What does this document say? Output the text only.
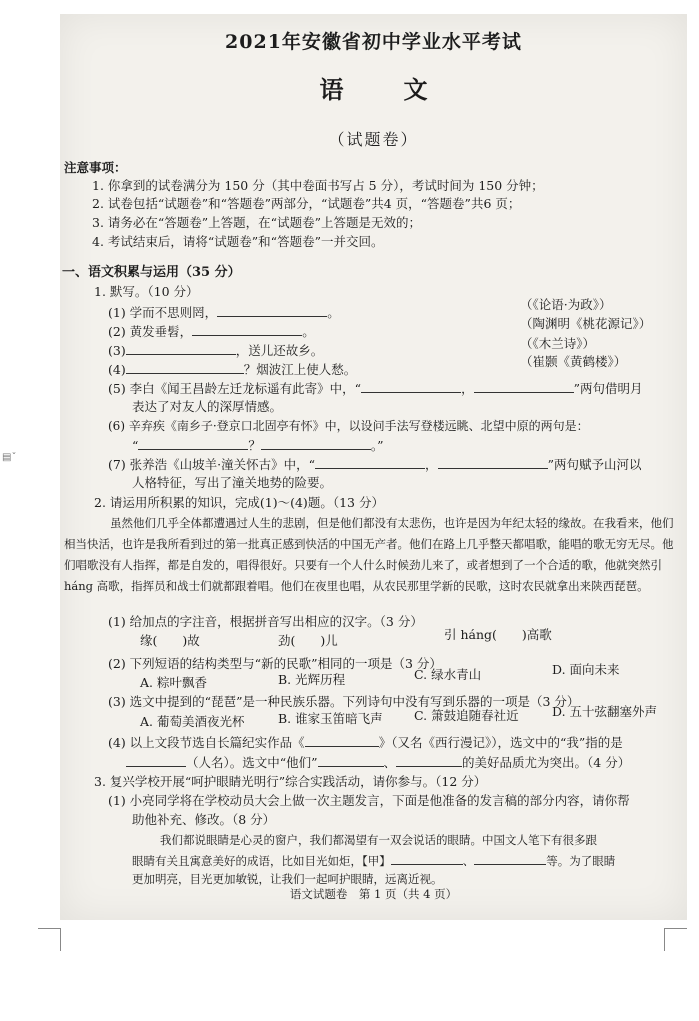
▤ˇ
2021年安徽省初中学业水平考试
语文
（试题卷）
注意事项：
1. 你拿到的试卷满分为 150 分（其中卷面书写占 5 分），考试时间为 150 分钟；
2. 试卷包括“试题卷”和“答题卷”两部分，“试题卷”共4 页，“答题卷”共6 页；
3. 请务必在“答题卷”上答题，在“试题卷”上答题是无效的；
4. 考试结束后，请将“试题卷”和“答题卷”一并交回。
一、语文积累与运用（35 分）
1. 默写。（10 分）
(1) 学而不思则罔，	。
（《论语·为政》）
(2) 黄发垂髫，	。
（陶渊明《桃花源记》）
(3)	，送儿还故乡。	（《木兰诗》）
(4)	？烟波江上使人愁。
（崔颢《黄鹤楼》）
(5) 李白《闻王昌龄左迁龙标遥有此寄》中，“	，	”两句借明月
表达了对友人的深厚情感。
(6) 辛弃疾《南乡子·登京口北固亭有怀》中，以设问手法写登楼远眺、北望中原的两句是：
“	？	。”
(7) 张养浩《山坡羊·潼关怀古》中，“	，	”两句赋予山河以
人格特征，写出了潼关地势的险要。
2. 请运用所积累的知识，完成(1)～(4)题。（13 分）
虽然他们几乎全体都遭遇过人生的悲剧，但是他们都没有太悲伤，也许是因为年纪太轻的缘故。在我看来，他们相当快活，也许是我所看到过的第一批真正感到快活的中国无产者。他们在路上几乎整天都唱歌，能唱的歌无穷无尽。他们唱歌没有人指挥，都是自发的，唱得很好。只要有一个人什么时候劲儿来了，或者想到了一个合适的歌，他就突然引 háng 高歌，指挥员和战士们就都跟着唱。他们在夜里也唱，从农民那里学新的民歌，这时农民就拿出来陕西琵琶。
(1) 给加点的字注音，根据拼音写出相应的汉字。（3 分）
缘(　　)故	劲(　　)儿	引 háng(　　)高歌
(2) 下列短语的结构类型与“新的民歌”相同的一项是（3 分）
A. 粽叶飘香	B. 光辉历程	C. 绿水青山	D. 面向未来
(3) 选文中提到的“琵琶”是一种民族乐器。下列诗句中没有写到乐器的一项是（3 分）
A. 葡萄美酒夜光杯	B. 谁家玉笛暗飞声	C. 箫鼓追随春社近	D. 五十弦翻塞外声
(4) 以上文段节选自长篇纪实作品《	》（又名《西行漫记》），选文中的“我”指的是
（人名）。选文中“他们”	、	的美好品质尤为突出。（4 分）
3. 复兴学校开展“呵护眼睛光明行”综合实践活动，请你参与。（12 分）
(1) 小亮同学将在学校动员大会上做一次主题发言，下面是他准备的发言稿的部分内容，请你帮
助他补充、修改。（8 分）
我们都说眼睛是心灵的窗户，我们都渴望有一双会说话的眼睛。中国文人笔下有很多跟
眼睛有关且寓意美好的成语，比如目光如炬，【甲】	、	等。为了眼睛
更加明亮，目光更加敏锐，让我们一起呵护眼睛，远离近视。
语文试题卷　第 1 页（共 4 页）
